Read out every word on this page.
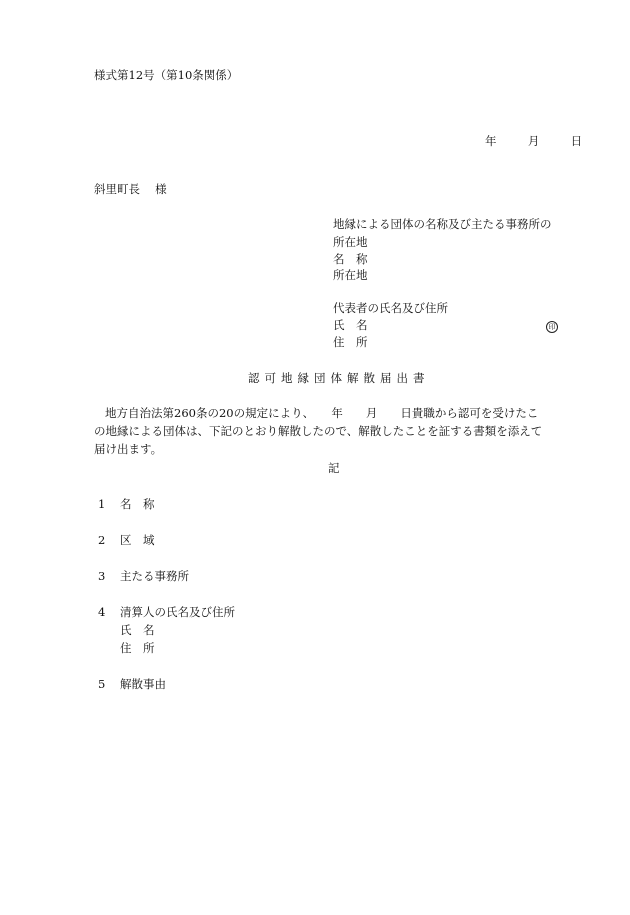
様式第12号（第10条関係）
年	月	日
斜里町長　 様
地縁による団体の名称及び主たる事務所の
所在地
名　称
所在地
代表者の氏名及び住所
氏　名	印
住　所
認可地縁団体解散届出書
地方自治法第260条の20の規定により、　　年　　月　　日貴職から認可を受けたこの地縁による団体は、下記のとおり解散したので、解散したことを証する書類を添えて届け出ます。
記
1 名　称
2 区　域
3 主たる事務所
4 清算人の氏名及び住所
氏　名
住　所
5 解散事由
